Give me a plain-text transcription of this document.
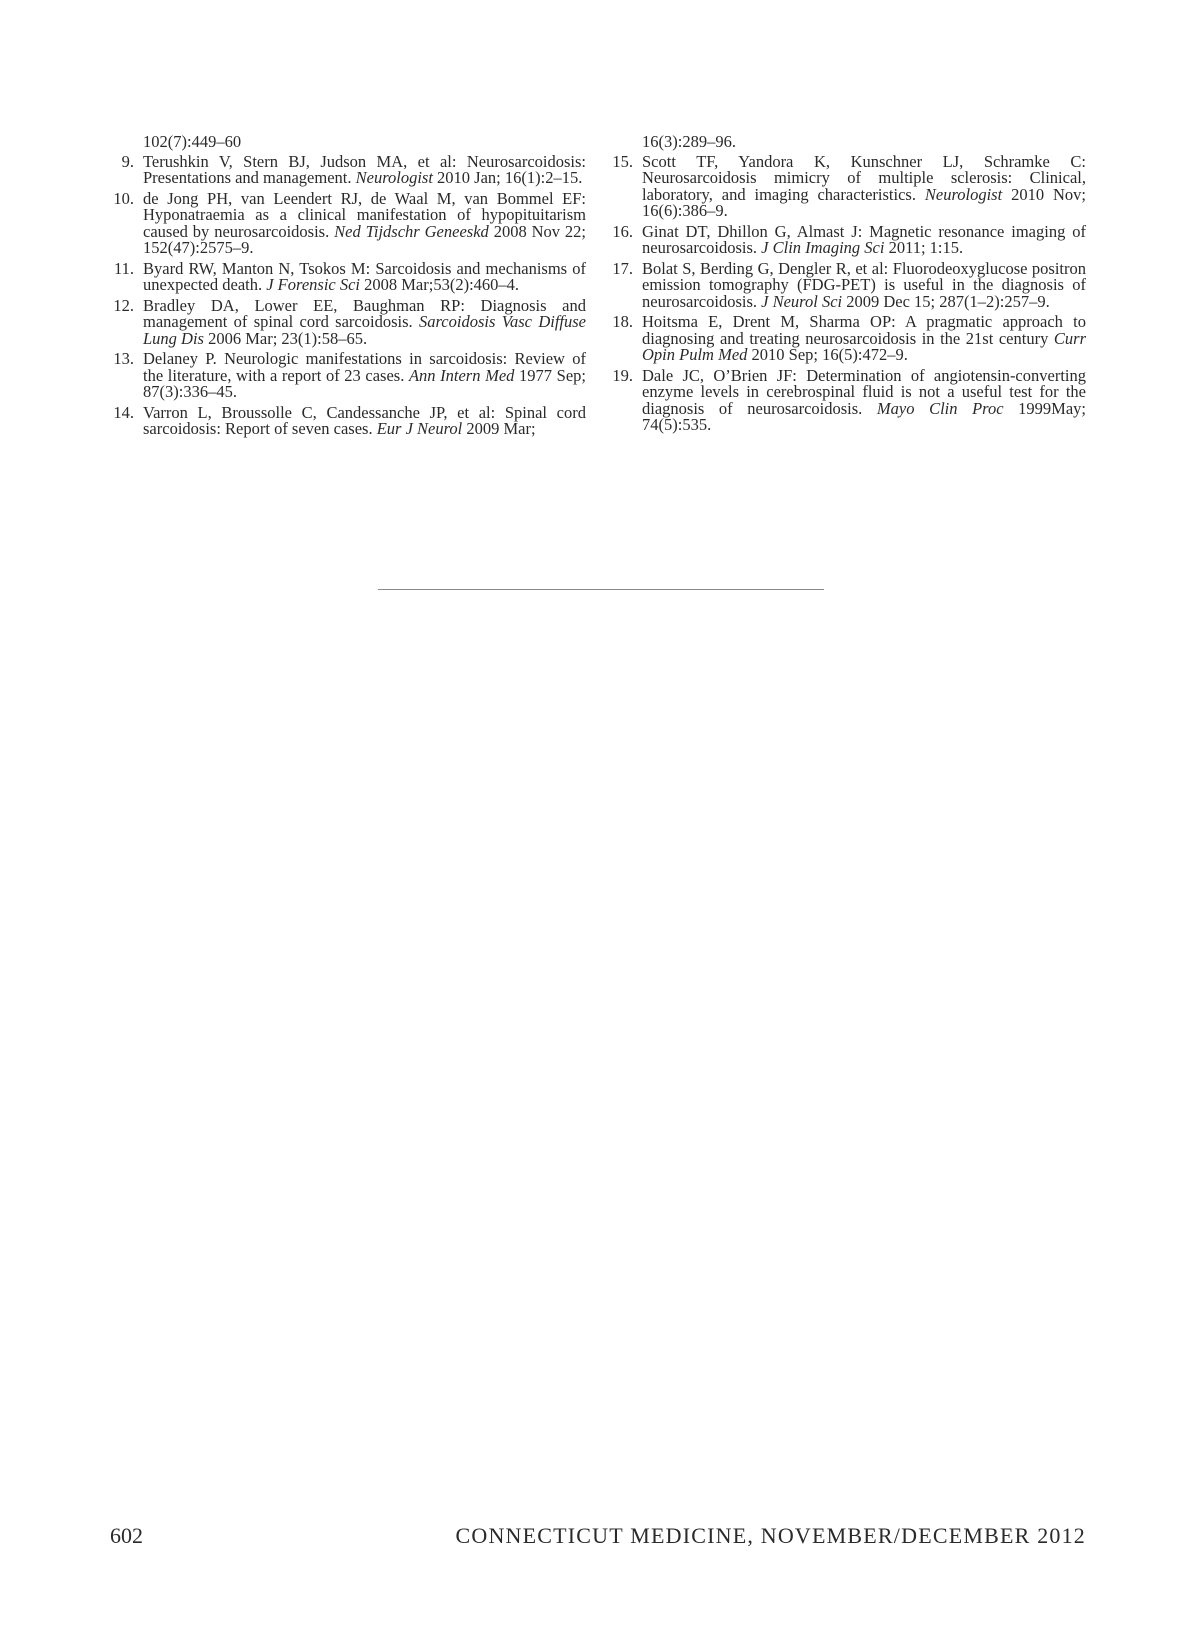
102(7):449–60
9. Terushkin V, Stern BJ, Judson MA, et al: Neurosarcoidosis: Presentations and management. Neurologist 2010 Jan; 16(1):2–15.
10. de Jong PH, van Leendert RJ, de Waal M, van Bommel EF: Hyponatraemia as a clinical manifestation of hypopituitarism caused by neurosarcoidosis. Ned Tijdschr Geneeskd 2008 Nov 22; 152(47):2575–9.
11. Byard RW, Manton N, Tsokos M: Sarcoidosis and mechanisms of unexpected death. J Forensic Sci 2008 Mar;53(2):460–4.
12. Bradley DA, Lower EE, Baughman RP: Diagnosis and management of spinal cord sarcoidosis. Sarcoidosis Vasc Diffuse Lung Dis 2006 Mar; 23(1):58–65.
13. Delaney P. Neurologic manifestations in sarcoidosis: Review of the literature, with a report of 23 cases. Ann Intern Med 1977 Sep; 87(3):336–45.
14. Varron L, Broussolle C, Candessanche JP, et al: Spinal cord sarcoidosis: Report of seven cases. Eur J Neurol 2009 Mar;
16(3):289–96.
15. Scott TF, Yandora K, Kunschner LJ, Schramke C: Neurosarcoidosis mimicry of multiple sclerosis: Clinical, laboratory, and imaging characteristics. Neurologist 2010 Nov; 16(6):386–9.
16. Ginat DT, Dhillon G, Almast J: Magnetic resonance imaging of neurosarcoidosis. J Clin Imaging Sci 2011; 1:15.
17. Bolat S, Berding G, Dengler R, et al: Fluorodeoxyglucose positron emission tomography (FDG-PET) is useful in the diagnosis of neurosarcoidosis. J Neurol Sci 2009 Dec 15; 287(1–2):257–9.
18. Hoitsma E, Drent M, Sharma OP: A pragmatic approach to diagnosing and treating neurosarcoidosis in the 21st century Curr Opin Pulm Med 2010 Sep; 16(5):472–9.
19. Dale JC, O’Brien JF: Determination of angiotensin-converting enzyme levels in cerebrospinal fluid is not a useful test for the diagnosis of neurosarcoidosis. Mayo Clin Proc 1999May; 74(5):535.
602	CONNECTICUT MEDICINE, NOVEMBER/DECEMBER 2012
